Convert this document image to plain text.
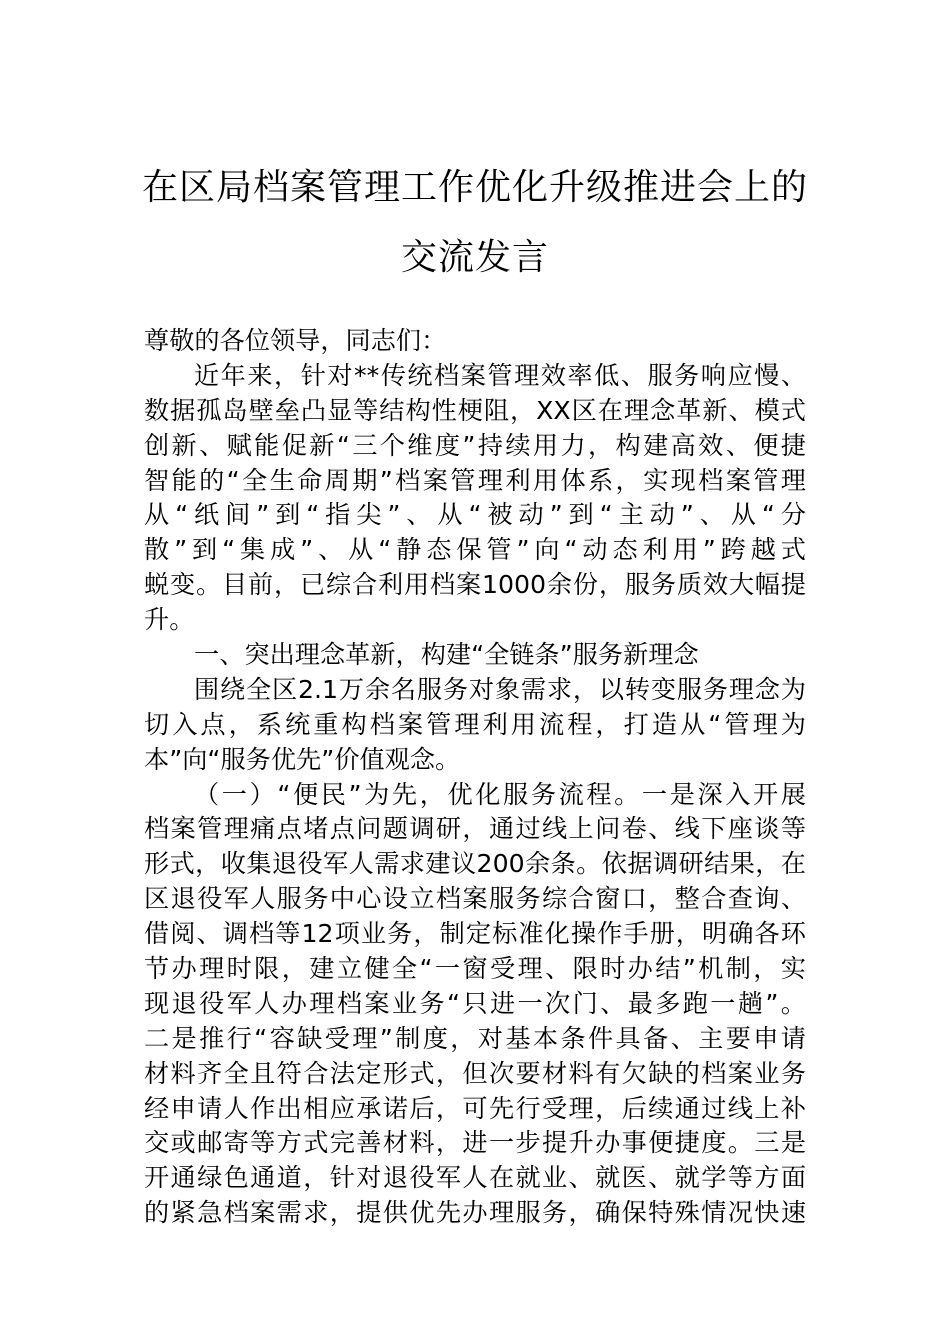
在区局档案管理工作优化升级推进会上的
交流发言
尊敬的各位领导，同志们：
近年来，针对**传统档案管理效率低、服务响应慢、
数据孤岛壁垒凸显等结构性梗阻，XX区在理念革新、模式
创新、赋能促新“三个维度”持续用力，构建高效、便捷
智能的“全生命周期”档案管理利用体系，实现档案管理
从“纸间”到“指尖”、从“被动”到“主动”、从“分
散”到“集成”、从“静态保管”向“动态利用”跨越式
蜕变。目前，已综合利用档案1000余份，服务质效大幅提
升。
一、突出理念革新，构建“全链条”服务新理念
围绕全区2.1万余名服务对象需求，以转变服务理念为
切入点，系统重构档案管理利用流程，打造从“管理为
本”向“服务优先”价值观念。
（一）“便民”为先，优化服务流程。一是深入开展
档案管理痛点堵点问题调研，通过线上问卷、线下座谈等
形式，收集退役军人需求建议200余条。依据调研结果，在
区退役军人服务中心设立档案服务综合窗口，整合查询、
借阅、调档等12项业务，制定标准化操作手册，明确各环
节办理时限，建立健全“一窗受理、限时办结”机制，实
现退役军人办理档案业务“只进一次门、最多跑一趟”。
二是推行“容缺受理”制度，对基本条件具备、主要申请
材料齐全且符合法定形式，但次要材料有欠缺的档案业务
经申请人作出相应承诺后，可先行受理，后续通过线上补
交或邮寄等方式完善材料，进一步提升办事便捷度。三是
开通绿色通道，针对退役军人在就业、就医、就学等方面
的紧急档案需求，提供优先办理服务，确保特殊情况快速
